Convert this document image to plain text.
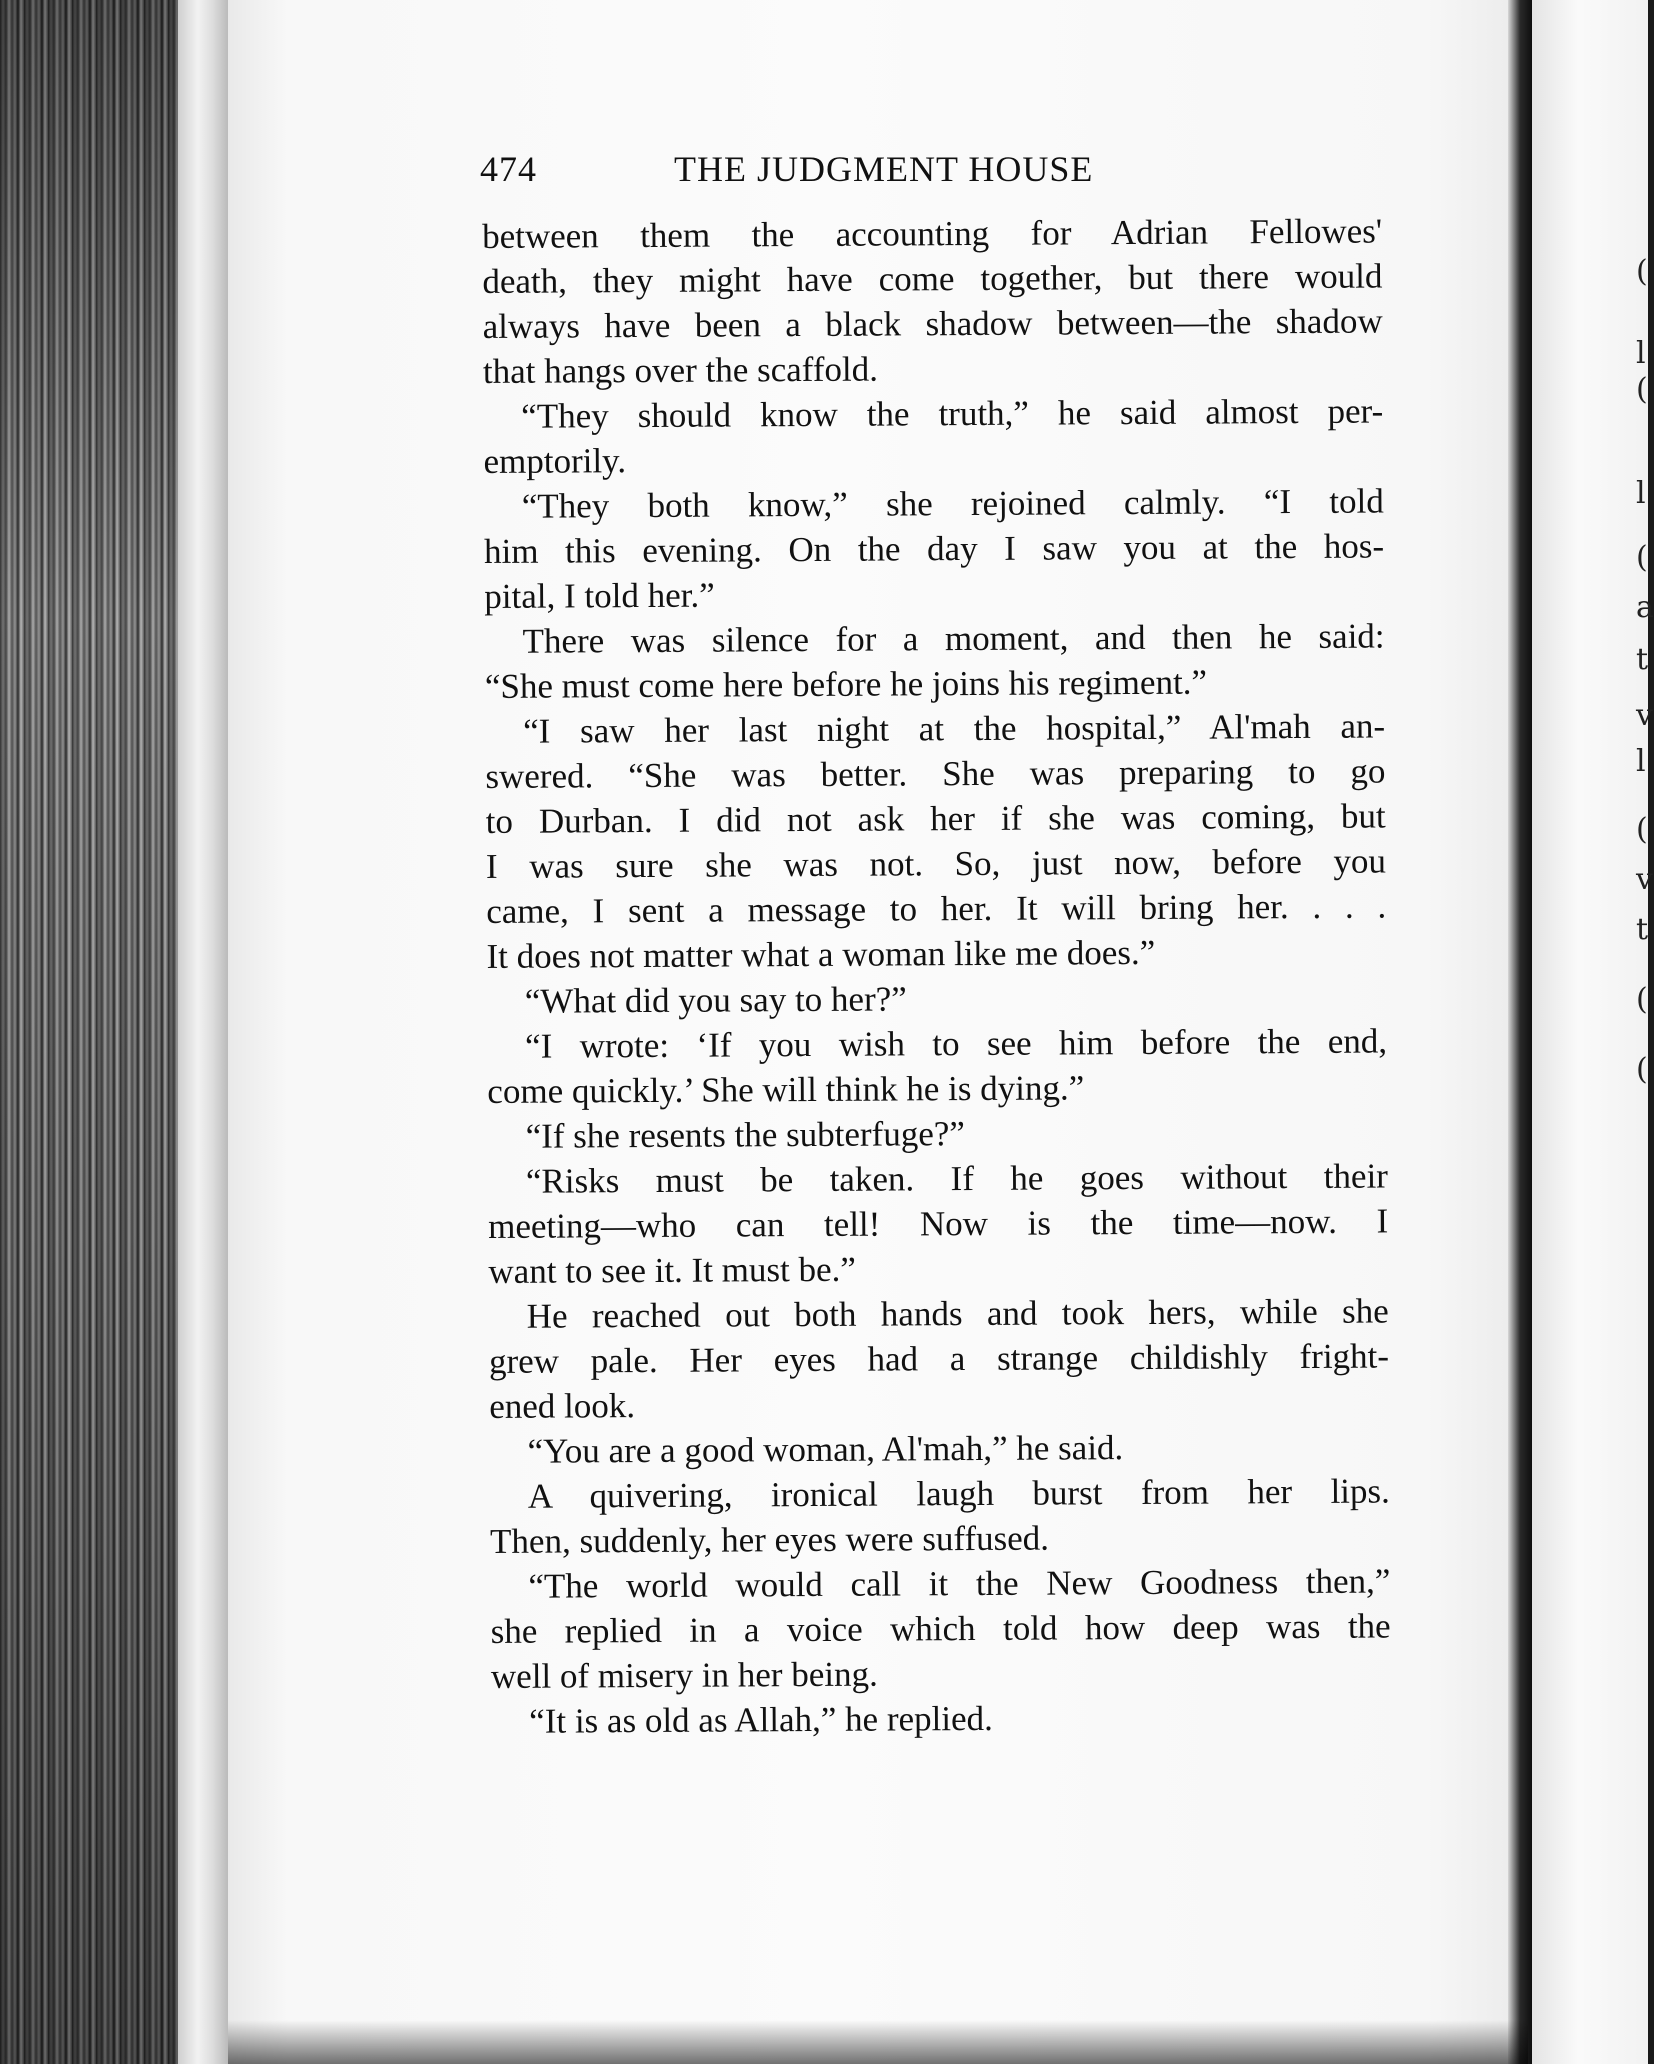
474	THE JUDGMENT HOUSE
between them the accounting for Adrian Fellowes'
death, they might have come together, but there would
always have been a black shadow between—the shadow
that hangs over the scaffold.
“They should know the truth,” he said almost per-
emptorily.
“They both know,” she rejoined calmly. “I told
him this evening. On the day I saw you at the hos-
pital, I told her.”
There was silence for a moment, and then he said:
“She must come here before he joins his regiment.”
“I saw her last night at the hospital,” Al'mah an-
swered. “She was better. She was preparing to go
to Durban. I did not ask her if she was coming, but
I was sure she was not. So, just now, before you
came, I sent a message to her. It will bring her. . . .
It does not matter what a woman like me does.”
“What did you say to her?”
“I wrote: ‘If you wish to see him before the end,
come quickly.’ She will think he is dying.”
“If she resents the subterfuge?”
“Risks must be taken. If he goes without their
meeting—who can tell! Now is the time—now. I
want to see it. It must be.”
He reached out both hands and took hers, while she
grew pale. Her eyes had a strange childishly fright-
ened look.
“You are a good woman, Al'mah,” he said.
A quivering, ironical laugh burst from her lips.
Then, suddenly, her eyes were suffused.
“The world would call it the New Goodness then,”
she replied in a voice which told how deep was the
well of misery in her being.
“It is as old as Allah,” he replied.
(
l
(
l
(
a
t
v
l
(
v
t
(
(
